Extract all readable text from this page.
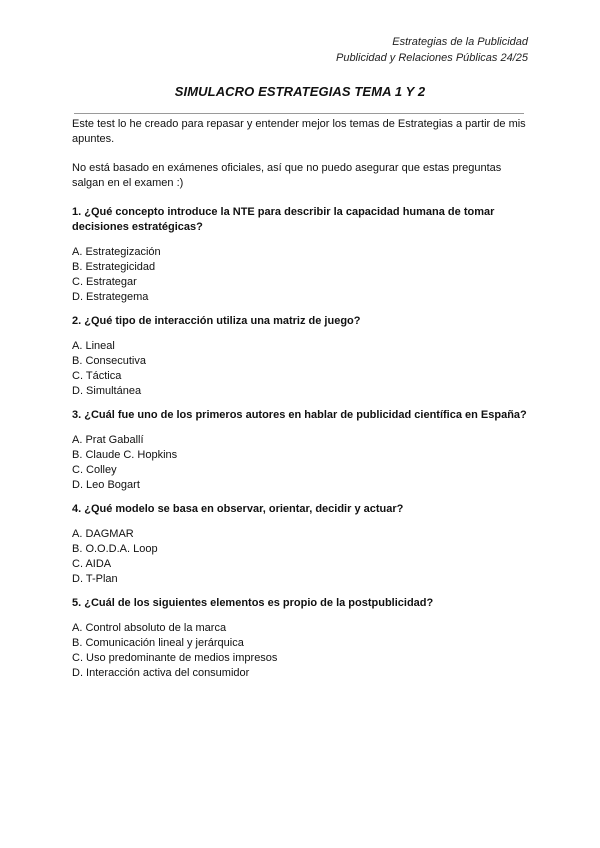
Estrategias de la Publicidad
Publicidad y Relaciones Públicas 24/25
SIMULACRO ESTRATEGIAS TEMA 1 Y 2

Este test lo he creado para repasar y entender mejor los temas de Estrategias a partir de mis apuntes.

No está basado en exámenes oficiales, así que no puedo asegurar que estas preguntas salgan en el examen :)

1. ¿Qué concepto introduce la NTE para describir la capacidad humana de tomar decisiones estratégicas?

A. Estrategización
B. Estrategicidad
C. Estrategar
D. Estrategema

2. ¿Qué tipo de interacción utiliza una matriz de juego?

A. Lineal
B. Consecutiva
C. Táctica
D. Simultánea

3. ¿Cuál fue uno de los primeros autores en hablar de publicidad científica en España?

A. Prat Gaballí
B. Claude C. Hopkins
C. Colley
D. Leo Bogart

4. ¿Qué modelo se basa en observar, orientar, decidir y actuar?

A. DAGMAR
B. O.O.D.A. Loop
C. AIDA
D. T-Plan

5. ¿Cuál de los siguientes elementos es propio de la postpublicidad?

A. Control absoluto de la marca
B. Comunicación lineal y jerárquica
C. Uso predominante de medios impresos
D. Interacción activa del consumidor
